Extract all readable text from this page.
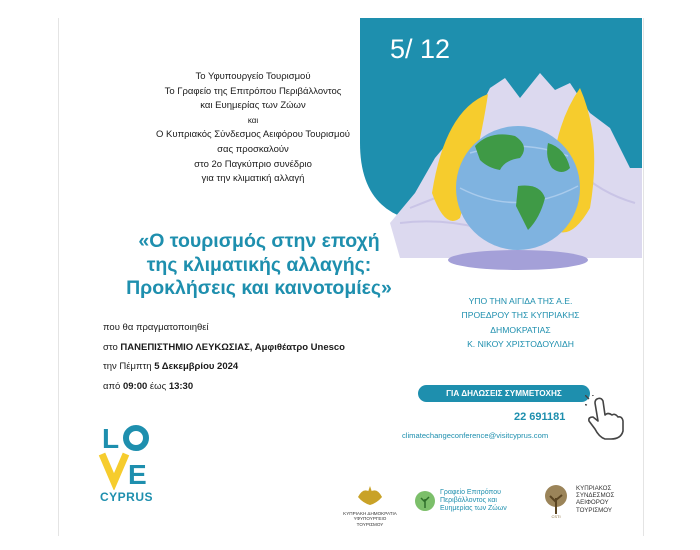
5/ 12
Το Υφυπουργείο Τουρισμού
Το Γραφείο της Επιτρόπου Περιβάλλοντος
και Ευημερίας των Ζώων
και
Ο Κυπριακός Σύνδεσμος Αειφόρου Τουρισμού
σας προσκαλούν
στο 2ο Παγκύπριο συνέδριο
για την κλιματική αλλαγή
«Ο τουρισμός στην εποχή
της κλιματικής αλλαγής:
Προκλήσεις και καινοτομίες»
που θα πραγματοποιηθεί
στο ΠΑΝΕΠΙΣΤΗΜΙΟ ΛΕΥΚΩΣΙΑΣ, Αμφιθέατρο Unesco
την Πέμπτη 5 Δεκεμβρίου 2024
από 09:00 έως 13:30
ΥΠΟ ΤΗΝ ΑΙΓΙΔΑ ΤΗΣ Α.Ε.
ΠΡΟΕΔΡΟΥ ΤΗΣ ΚΥΠΡΙΑΚΗΣ
ΔΗΜΟΚΡΑΤΙΑΣ
Κ. ΝΙΚΟΥ ΧΡΙΣΤΟΔΟΥΛΙΔΗ
ΓΙΑ ΔΗΛΩΣΕΙΣ ΣΥΜΜΕΤΟΧΗΣ
22 691181
climatechangeconference@visitcyprus.com
L
E
CYPRUS
ΚΥΠΡΙΑΚΗ ΔΗΜΟΚΡΑΤΙΑ
ΥΦΥΠΟΥΡΓΕΙΟ ΤΟΥΡΙΣΜΟΥ
Γραφείο Επιτρόπου
Περιβάλλοντος και
Ευημερίας των Ζώων
CSTI
ΚΥΠΡΙΑΚΟΣ
ΣΥΝΔΕΣΜΟΣ
ΑΕΙΦΟΡΟΥ
ΤΟΥΡΙΣΜΟΥ
